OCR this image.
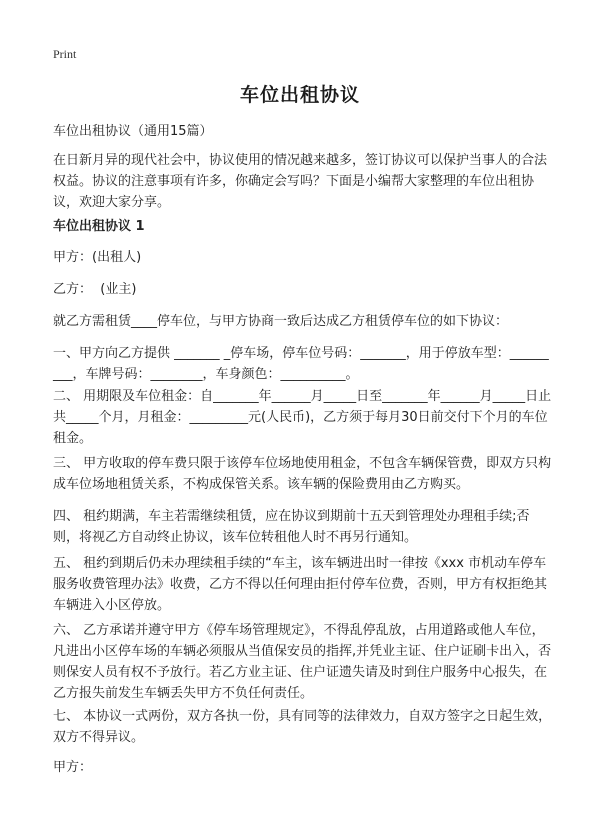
Print
车位出租协议
车位出租协议（通用15篇）
在日新月异的现代社会中，协议使用的情况越来越多，签订协议可以保护当事人的合法权益。协议的注意事项有许多，你确定会写吗？下面是小编帮大家整理的车位出租协议，欢迎大家分享。
车位出租协议 1
甲方：(出租人)
乙方：  (业主)
就乙方需租赁____停车位，与甲方协商一致后达成乙方租赁停车位的如下协议：
一、甲方向乙方提供 _______ _停车场，停车位号码：_______，用于停放车型：_________，车牌号码：________，车身颜色：__________。
二、 用期限及车位租金：自_______年______月_____日至_______年______月_____日止共_____个月，月租金：_________元(人民币)，乙方须于每月30日前交付下个月的车位租金。
三、 甲方收取的停车费只限于该停车位场地使用租金，不包含车辆保管费，即双方只构成车位场地租赁关系，不构成保管关系。该车辆的保险费用由乙方购买。
四、 租约期满，车主若需继续租赁，应在协议到期前十五天到管理处办理租手续;否则，将视乙方自动终止协议，该车位转租他人时不再另行通知。
五、 租约到期后仍未办理续租手续的“车主，该车辆进出时一律按《xxx 市机动车停车服务收费管理办法》收费，乙方不得以任何理由拒付停车位费，否则，甲方有权拒绝其车辆进入小区停放。
六、 乙方承诺并遵守甲方《停车场管理规定》，不得乱停乱放，占用道路或他人车位，凡进出小区停车场的车辆必须服从当值保安员的指挥,并凭业主证、住户证刷卡出入，否则保安人员有权不予放行。若乙方业主证、住户证遗失请及时到住户服务中心报失，在乙方报失前发生车辆丢失甲方不负任何责任。
七、 本协议一式两份，双方各执一份，具有同等的法律效力，自双方签字之日起生效，双方不得异议。
甲方：
